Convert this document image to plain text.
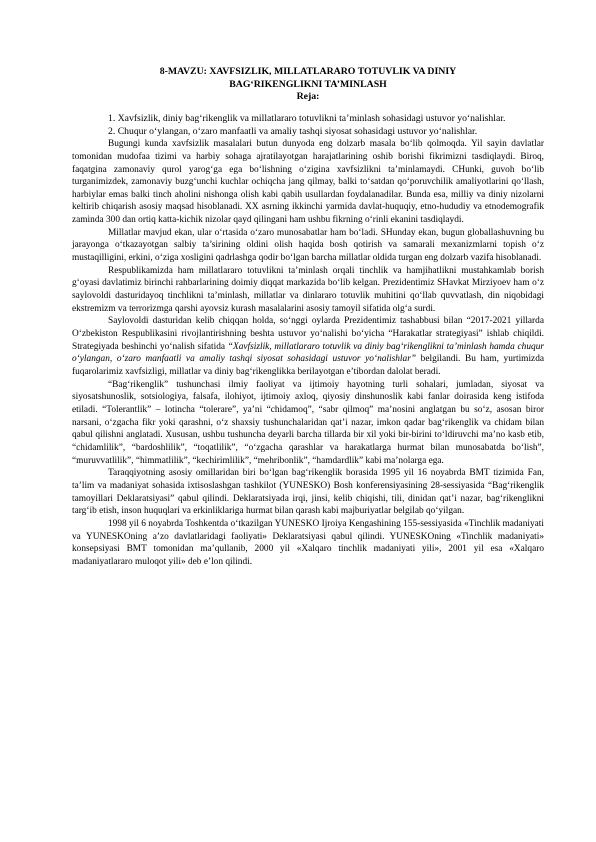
8-MAVZU: XAVFSIZLIK, MILLATLARARO TOTUVLIK VA DINIY

BAG‘RIKENGLIKNI TA’MINLASH

Reja:

1. Xavfsizlik, diniy bag‘rikenglik va millatlararo totuvlikni ta’minlash sohasidagi ustuvor yo‘nalishlar.

2. Chuqur o‘ylangan, o‘zaro manfaatli va amaliy tashqi siyosat sohasidagi ustuvor yo‘nalishlar.

Bugungi kunda xavfsizlik masalalari butun dunyoda eng dolzarb masala bo‘lib qolmoqda. Yil sayin davlatlar tomonidan mudofaa tizimi va harbiy sohaga ajratilayotgan harajatlarining oshib borishi fikrimizni tasdiqlaydi. Biroq, faqatgina zamonaviy qurol yarog‘ga ega bo‘lishning o‘zigina xavfsizlikni ta’minlamaydi. CHunki, guvoh bo‘lib turganimizdek, zamonaviy buzg‘unchi kuchlar ochiqcha jang qilmay, balki to‘satdan qo‘poruvchilik amaliyotlarini qo‘llash, harbiylar emas balki tinch aholini nishonga olish kabi qabih usullardan foydalanadilar. Bunda esa, milliy va diniy nizolarni keltirib chiqarish asosiy maqsad hisoblanadi. XX asrning ikkinchi yarmida davlat-huquqiy, etno-hududiy va etnodemografik zaminda 300 dan ortiq katta-kichik nizolar qayd qilingani ham ushbu fikrning o‘rinli ekanini tasdiqlaydi.

Millatlar mavjud ekan, ular o‘rtasida o‘zaro munosabatlar ham bo‘ladi. SHunday ekan, bugun globallashuvning bu jarayonga o‘tkazayotgan salbiy ta’sirining oldini olish haqida bosh qotirish va samarali mexanizmlarni topish o‘z mustaqilligini, erkini, o‘ziga xosligini qadrlashga qodir bo‘lgan barcha millatlar oldida turgan eng dolzarb vazifa hisoblanadi.

Respublikamizda ham millatlararo totuvlikni ta’minlash orqali tinchlik va hamjihatlikni mustahkamlab borish g‘oyasi davlatimiz birinchi rahbarlarining doimiy diqqat markazida bo‘lib kelgan. Prezidentimiz SHavkat Mirziyoev ham o‘z saylovoldi dasturidayoq tinchlikni ta’minlash, millatlar va dinlararo totuvlik muhitini qo‘llab quvvatlash, din niqobidagi ekstremizm va terrorizmga qarshi ayovsiz kurash masalalarini asosiy tamoyil sifatida olg‘a surdi.

Saylovoldi dasturidan kelib chiqqan holda, so‘nggi oylarda Prezidentimiz tashabbusi bilan “2017-2021 yillarda O‘zbekiston Respublikasini rivojlantirishning beshta ustuvor yo‘nalishi bo‘yicha “Harakatlar strategiyasi” ishlab chiqildi. Strategiyada beshinchi yo‘nalish sifatida “Xavfsizlik, millatlararo totuvlik va diniy bag‘rikenglikni ta’minlash hamda chuqur o‘ylangan, o‘zaro manfaatli va amaliy tashqi siyosat sohasidagi ustuvor yo‘nalishlar” belgilandi. Bu ham, yurtimizda fuqarolarimiz xavfsizligi, millatlar va diniy bag‘rikenglikka berilayotgan e’tibordan dalolat beradi.

“Bag‘rikenglik” tushunchasi ilmiy faoliyat va ijtimoiy hayotning turli sohalari, jumladan, siyosat va siyosatshunoslik, sotsiologiya, falsafa, ilohiyot, ijtimoiy axloq, qiyosiy dinshunoslik kabi fanlar doirasida keng istifoda etiladi. “Tolerantlik” – lotincha “tolerare”, ya’ni “chidamoq”, “sabr qilmoq” ma’nosini anglatgan bu so‘z, asosan biror narsani, o‘zgacha fikr yoki qarashni, o‘z shaxsiy tushunchalaridan qat’i nazar, imkon qadar bag‘rikenglik va chidam bilan qabul qilishni anglatadi. Xususan, ushbu tushuncha deyarli barcha tillarda bir xil yoki bir-birini to‘ldiruvchi ma’no kasb etib, “chidamlilik”, “bardoshlilik”, “toqatlilik”, “o‘zgacha qarashlar va harakatlarga hurmat bilan munosabatda bo‘lish”, “muruvvatlilik”, “himmatlilik”, “kechirimlilik”, “mehribonlik”, “hamdardlik” kabi ma’nolarga ega.

Taraqqiyotning asosiy omillaridan biri bo‘lgan bag‘rikenglik borasida 1995 yil 16 noyabrda BMT tizimida Fan, ta’lim va madaniyat sohasida ixtisoslashgan tashkilot (YUNESKO) Bosh konferensiyasining 28-sessiyasida “Bag‘rikenglik tamoyillari Deklaratsiyasi” qabul qilindi. Deklaratsiyada irqi, jinsi, kelib chiqishi, tili, dinidan qat’i nazar, bag‘rikenglikni targ‘ib etish, inson huquqlari va erkinliklariga hurmat bilan qarash kabi majburiyatlar belgilab qo‘yilgan.

1998 yil 6 noyabrda Toshkentda o‘tkazilgan YUNESKO Ijroiya Kengashining 155-sessiyasida «Tinchlik madaniyati va YUNESKOning a’zo davlatlaridagi faoliyati» Deklaratsiyasi qabul qilindi. YUNESKOning «Tinchlik madaniyati» konsepsiyasi BMT tomonidan ma’qullanib, 2000 yil «Xalqaro tinchlik madaniyati yili», 2001 yil esa «Xalqaro madaniyatlararo muloqot yili» deb e’lon qilindi.
